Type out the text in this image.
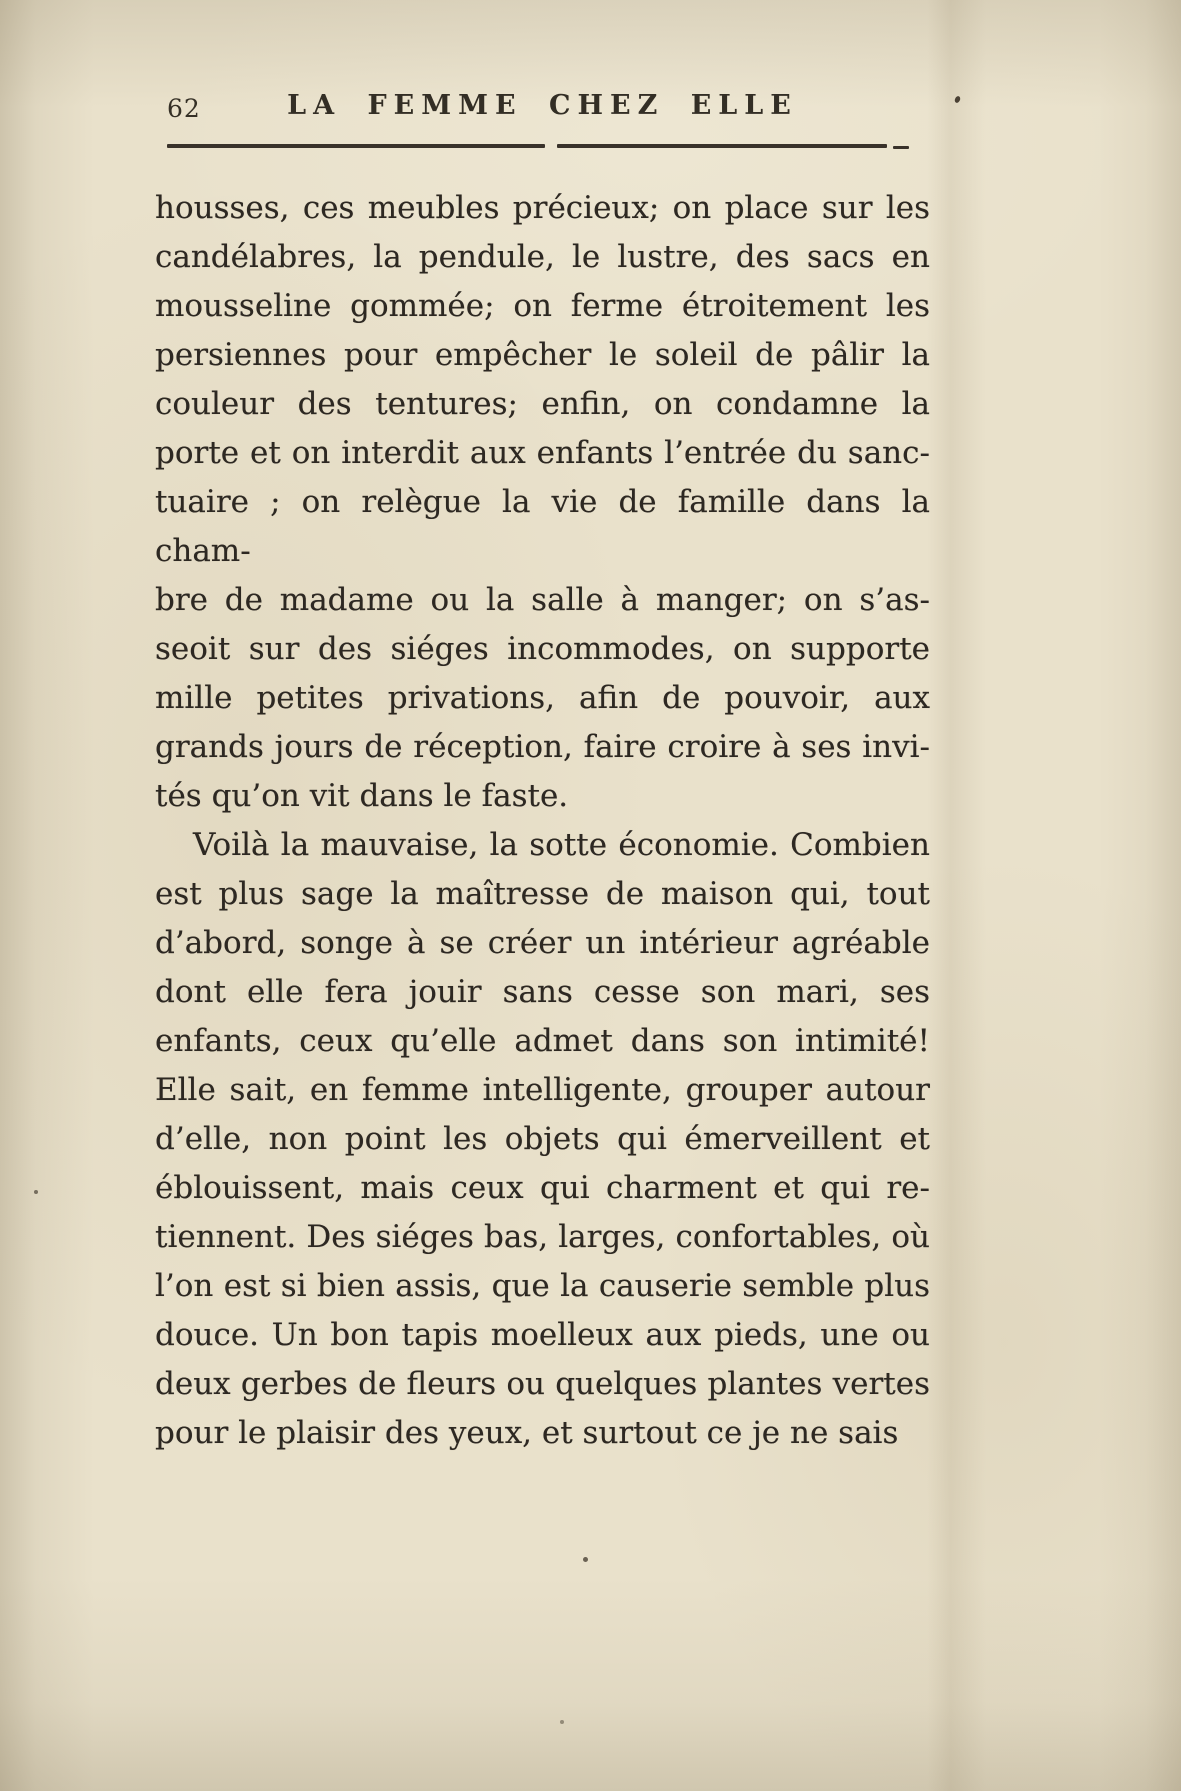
62	LA FEMME CHEZ ELLE
housses, ces meubles précieux; on place sur les
candélabres, la pendule, le lustre, des sacs en
mousseline gommée; on ferme étroitement les
persiennes pour empêcher le soleil de pâlir la
couleur des tentures; enfin, on condamne la
porte et on interdit aux enfants l’entrée du sanc-
tuaire ; on relègue la vie de famille dans la cham-
bre de madame ou la salle à manger; on s’as-
seoit sur des siéges incommodes, on supporte
mille petites privations, afin de pouvoir, aux
grands jours de réception, faire croire à ses invi-
tés qu’on vit dans le faste.
Voilà la mauvaise, la sotte économie. Combien
est plus sage la maîtresse de maison qui, tout
d’abord, songe à se créer un intérieur agréable
dont elle fera jouir sans cesse son mari, ses
enfants, ceux qu’elle admet dans son intimité!
Elle sait, en femme intelligente, grouper autour
d’elle, non point les objets qui émerveillent et
éblouissent, mais ceux qui charment et qui re-
tiennent. Des siéges bas, larges, confortables, où
l’on est si bien assis, que la causerie semble plus
douce. Un bon tapis moelleux aux pieds, une ou
deux gerbes de fleurs ou quelques plantes vertes
pour le plaisir des yeux, et surtout ce je ne sais
